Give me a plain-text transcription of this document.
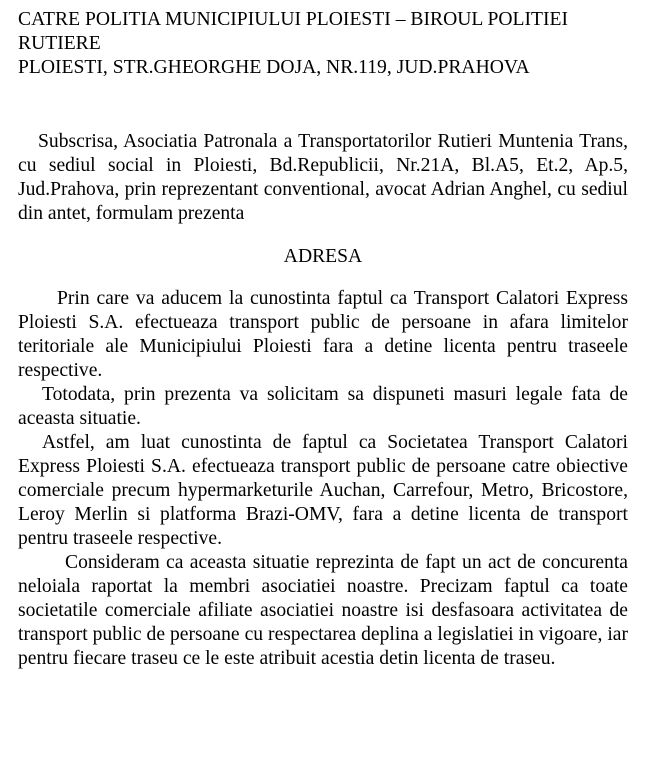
CATRE POLITIA MUNICIPIULUI PLOIESTI – BIROUL POLITIEI

RUTIERE

PLOIESTI, STR.GHEORGHE DOJA, NR.119, JUD.PRAHOVA

Subscrisa, Asociatia Patronala a Transportatorilor Rutieri Muntenia Trans, cu sediul social in Ploiesti, Bd.Republicii, Nr.21A, Bl.A5, Et.2, Ap.5, Jud.Prahova, prin reprezentant conventional, avocat Adrian Anghel, cu sediul din antet, formulam prezenta

ADRESA

Prin care va aducem la cunostinta faptul ca Transport Calatori Express Ploiesti S.A. efectueaza transport public de persoane in afara limitelor teritoriale ale Municipiului Ploiesti fara a detine licenta pentru traseele respective.

Totodata, prin prezenta va solicitam sa dispuneti masuri legale fata de aceasta situatie.

Astfel, am luat cunostinta de faptul ca Societatea Transport Calatori Express Ploiesti S.A. efectueaza transport public de persoane catre obiective comerciale precum hypermarketurile Auchan, Carrefour, Metro, Bricostore, Leroy Merlin si platforma Brazi-OMV, fara a detine licenta de transport pentru traseele respective.

Consideram ca aceasta situatie reprezinta de fapt un act de concurenta neloiala raportat la membri asociatiei noastre. Precizam faptul ca toate societatile comerciale afiliate asociatiei noastre isi desfasoara activitatea de transport public de persoane cu respectarea deplina a legislatiei in vigoare, iar pentru fiecare traseu ce le este atribuit acestia detin licenta de traseu.
